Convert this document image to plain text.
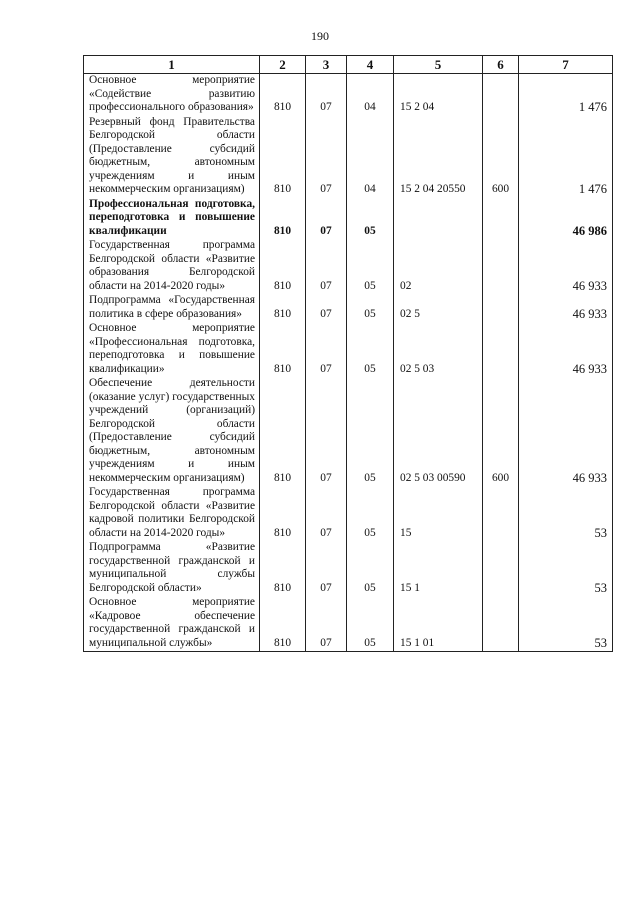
190
1	2	3	4	5	6	7
Основное мероприятие «Содействие развитию профессионального образования»	810	07	04	15 2 04		1 476
Резервный фонд Правительства Белгородской области (Предоставление субсидий бюджетным, автономным учреждениям и иным некоммерческим организациям)	810	07	04	15 2 04 20550	600	1 476
Профессиональная подготовка, переподготовка и повышение квалификации	810	07	05			46 986
Государственная программа Белгородской области «Развитие образования Белгородской области на 2014-2020 годы»	810	07	05	02		46 933
Подпрограмма «Государственная политика в сфере образования»	810	07	05	02 5		46 933
Основное мероприятие «Профессиональная подготовка, переподготовка и повышение квалификации»	810	07	05	02 5 03		46 933
Обеспечение деятельности (оказание услуг) государственных учреждений (организаций) Белгородской области (Предоставление субсидий бюджетным, автономным учреждениям и иным некоммерческим организациям)	810	07	05	02 5 03 00590	600	46 933
Государственная программа Белгородской области «Развитие кадровой политики Белгородской области на 2014-2020 годы»	810	07	05	15		53
Подпрограмма «Развитие государственной гражданской и муниципальной службы Белгородской области»	810	07	05	15 1		53
Основное мероприятие «Кадровое обеспечение государственной гражданской и муниципальной службы»	810	07	05	15 1 01		53
